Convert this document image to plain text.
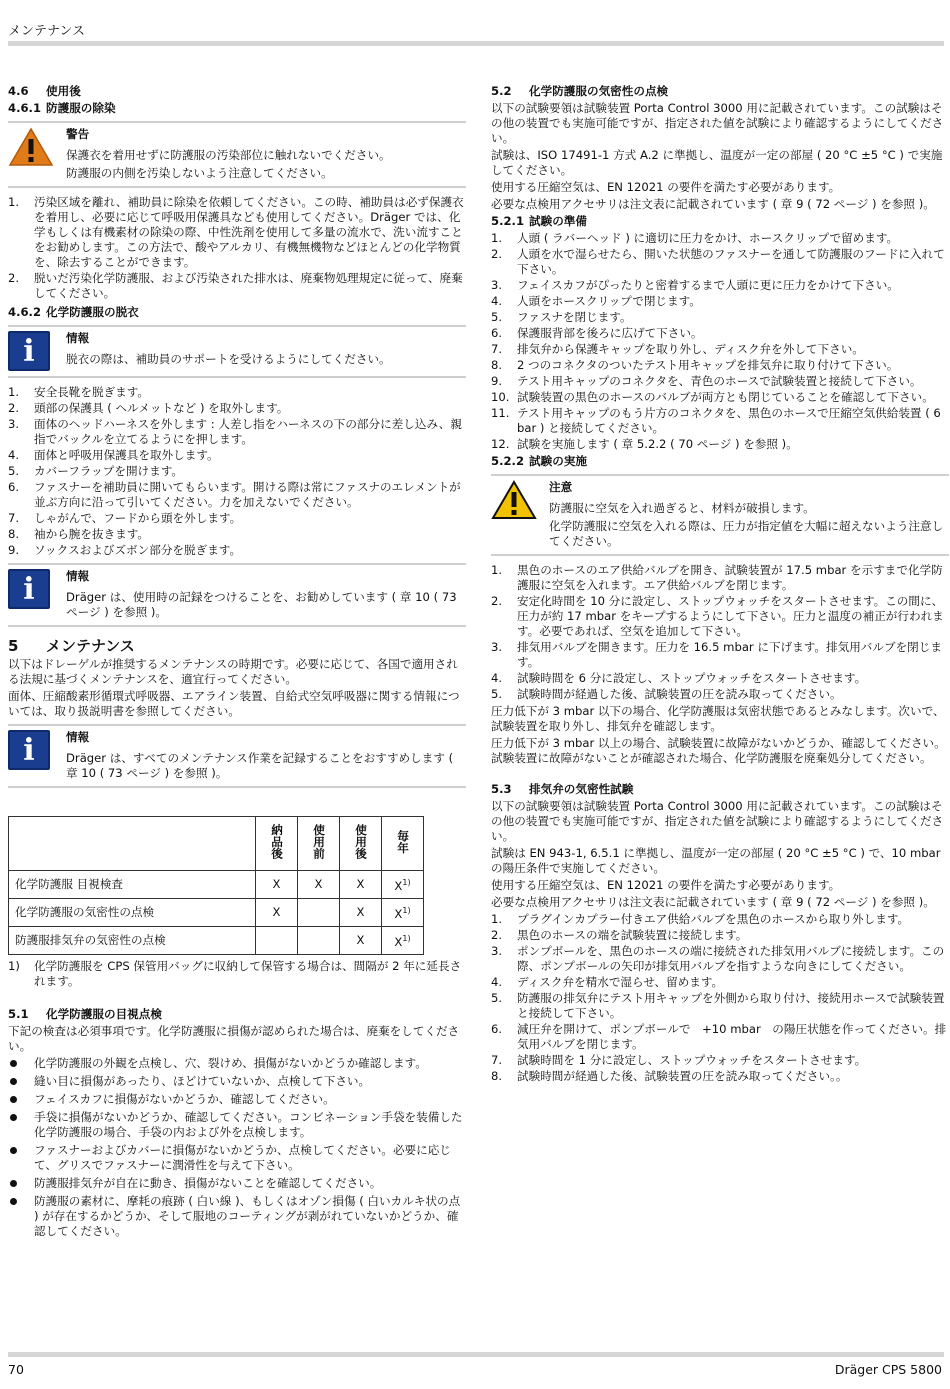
メンテナンス
4.6 使用後
4.6.1 防護服の除染
警告

保護衣を着用せずに防護服の汚染部位に触れないでください。

防護服の内側を汚染しないよう注意してください。

1. 汚染区域を離れ、補助員に除染を依頼してください。この時、補助員は必ず保護衣を着用し、必要に応じて呼吸用保護具なども使用してください。Dräger では、化学もしくは有機素材の除染の際、中性洗剤を使用して多量の流水で、洗い流すことをお勧めします。この方法で、酸やアルカリ、有機無機物などほとんどの化学物質を、除去することができます。
2. 脱いだ汚染化学防護服、および汚染された排水は、廃棄物処理規定に従って、廃棄してください。
4.6.2 化学防護服の脱衣
i	情報

脱衣の際は、補助員のサポートを受けるようにしてください。

1. 安全長靴を脱ぎます。
2. 頭部の保護具 ( ヘルメットなど ) を取外します。
3. 面体のヘッドハーネスを外します : 人差し指をハーネスの下の部分に差し込み、親指でバックルを立てるようにを押します。
4. 面体と呼吸用保護具を取外します。
5. カバーフラップを開けます。
6. ファスナーを補助員に開いてもらいます。開ける際は常にファスナのエレメントが並ぶ方向に沿って引いてください。力を加えないでください。
7. しゃがんで、フードから頭を外します。
8. 袖から腕を抜きます。
9. ソックスおよびズボン部分を脱ぎます。
i	情報

Dräger は、使用時の記録をつけることを、お勧めしています ( 章 10 ( 73 ページ ) を参照 )。

5 メンテナンス

以下はドレーゲルが推奨するメンテナンスの時期です。必要に応じて、各国で適用される法規に基づくメンテナンスを、適宜行ってください。

面体、圧縮酸素形循環式呼吸器、エアライン装置、自給式空気呼吸器に関する情報については、取り扱説明書を参照してください。

i	情報

Dräger は、すべてのメンテナンス作業を記録することをおすすめします ( 章 10 ( 73 ページ ) を参照 )。

	納品後	使用前	使用後	毎年
化学防護服 目視検査	X	X	X	$X^{1)}$
化学防護服の気密性の点検	X		X	$X^{1)}$
防護服排気弁の気密性の点検			X	$X^{1)}$
1) 化学防護服を CPS 保管用バッグに収納して保管する場合は、間隔が 2 年に延長されます。
5.1 化学防護服の目視点検

下記の検査は必須事項です。化学防護服に損傷が認められた場合は、廃棄をしてください。

化学防護服の外観を点検し、穴、裂けめ、損傷がないかどうか確認します。
縫い目に損傷があったり、ほどけていないか、点検して下さい。
フェイスカフに損傷がないかどうか、確認してください。
手袋に損傷がないかどうか、確認してください。コンビネーション手袋を装備した化学防護服の場合、手袋の内および外を点検します。
ファスナーおよびカバーに損傷がないかどうか、点検してください。必要に応じて、グリスでファスナーに潤滑性を与えて下さい。
防護服排気弁が自在に動き、損傷がないことを確認してください。
防護服の素材に、摩耗の痕跡 ( 白い線 )、もしくはオゾン損傷 ( 白いカルキ状の点 ) が存在するかどうか、そして服地のコーティングが剥がれていないかどうか、確認してください。
5.2 化学防護服の気密性の点検

以下の試験要領は試験装置 Porta Control 3000 用に記載されています。この試験はその他の装置でも実施可能ですが、指定された値を試験により確認するようにしてください。

試験は、ISO 17491-1 方式 A.2 に準拠し、温度が一定の部屋 ( 20 °C ±5 °C ) で実施してください。

使用する圧縮空気は、EN 12021 の要件を満たす必要があります。

必要な点検用アクセサリは注文表に記載されています ( 章 9 ( 72 ページ ) を参照 )。

5.2.1 試験の準備
1. 人頭 ( ラバーヘッド ) に適切に圧力をかけ、ホースクリップで留めます。
2. 人頭を水で湿らせたら、開いた状態のファスナーを通して防護服のフードに入れて下さい。
3. フェイスカフがぴったりと密着するまで人頭に更に圧力をかけて下さい。
4. 人頭をホースクリップで閉じます。
5. ファスナを閉じます。
6. 保護服背部を後ろに広げて下さい。
7. 排気弁から保護キャップを取り外し、ディスク弁を外して下さい。
8. 2 つのコネクタのついたテスト用キャップを排気弁に取り付けて下さい。
9. テスト用キャップのコネクタを、青色のホースで試験装置と接続して下さい。
10. 試験装置の黒色のホースのバルブが両方とも閉じていることを確認して下さい。
11. テスト用キャップのもう片方のコネクタを、黒色のホースで圧縮空気供給装置 ( 6 bar ) と接続してください。
12. 試験を実施します ( 章 5.2.2 ( 70 ページ ) を参照 )。
5.2.2 試験の実施
注意

防護服に空気を入れ過ぎると、材料が破損します。

化学防護服に空気を入れる際は、圧力が指定値を大幅に超えないよう注意してください。

1. 黒色のホースのエア供給バルブを開き、試験装置が 17.5 mbar を示すまで化学防護服に空気を入れます。エア供給バルブを閉じます。
2. 安定化時間を 10 分に設定し、ストップウォッチをスタートさせます。この間に、圧力が約 17 mbar をキープするようにして下さい。圧力と温度の補正が行われます。必要であれば、空気を追加して下さい。
3. 排気用バルブを開きます。圧力を 16.5 mbar に下げます。排気用バルブを閉じます。
4. 試験時間を 6 分に設定し、ストップウォッチをスタートさせます。
5. 試験時間が経過した後、試験装置の圧を読み取ってください。

圧力低下が 3 mbar 以下の場合、化学防護服は気密状態であるとみなします。次いで、試験装置を取り外し、排気弁を確認します。

圧力低下が 3 mbar 以上の場合、試験装置に故障がないかどうか、確認してください。試験装置に故障がないことが確認された場合、化学防護服を廃棄処分してください。

5.3 排気弁の気密性試験

以下の試験要領は試験装置 Porta Control 3000 用に記載されています。この試験はその他の装置でも実施可能ですが、指定された値を試験により確認するようにしてください。

試験は EN 943-1, 6.5.1 に準拠し、温度が一定の部屋 ( 20 °C ±5 °C ) で、10 mbar の陽圧条件で実施してください。

使用する圧縮空気は、EN 12021 の要件を満たす必要があります。

必要な点検用アクセサリは注文表に記載されています ( 章 9 ( 72 ページ ) を参照 )。

1. プラグインカプラー付きエア供給バルブを黒色のホースから取り外します。
2. 黒色のホースの端を試験装置に接続します。
3. ポンプボールを、黒色のホースの端に接続された排気用バルブに接続します。この際、ポンプボールの矢印が排気用バルブを指すような向きにしてください。
4. ディスク弁を精水で湿らせ、留めます。
5. 防護服の排気弁にテスト用キャップを外側から取り付け、接続用ホースで試験装置と接続して下さい。
6. 減圧弁を開けて、ポンプボールで　+10 mbar　の陽圧状態を作ってください。排気用バルブを閉じます。
7. 試験時間を 1 分に設定し、ストップウォッチをスタートさせます。
8. 試験時間が経過した後、試験装置の圧を読み取ってください。。
70	Dräger CPS 5800
